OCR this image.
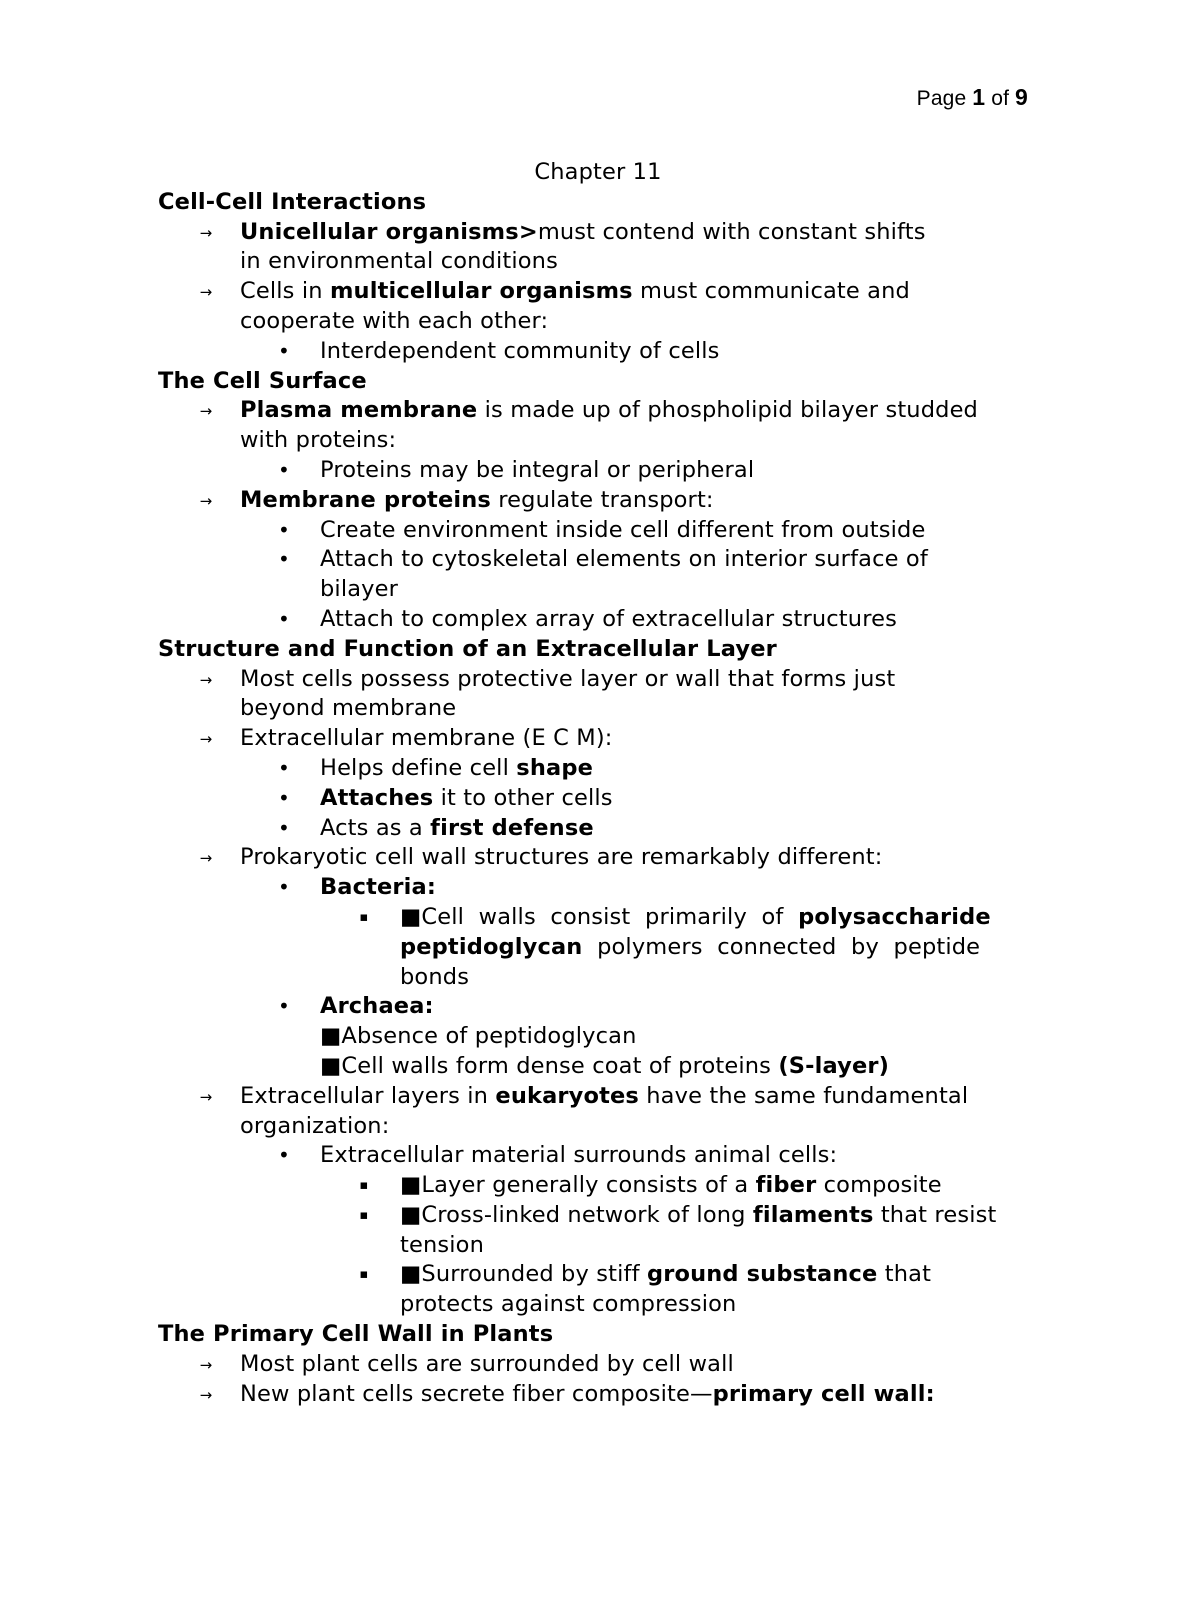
Page 1 of 9
Chapter 11
Cell-Cell Interactions
→ Unicellular organisms>must contend with constant shifts
in environmental conditions
→ Cells in multicellular organisms must communicate and
cooperate with each other:
• Interdependent community of cells
The Cell Surface
→ Plasma membrane is made up of phospholipid bilayer studded
with proteins:
• Proteins may be integral or peripheral
→ Membrane proteins regulate transport:
• Create environment inside cell different from outside
• Attach to cytoskeletal elements on interior surface of
bilayer
• Attach to complex array of extracellular structures
Structure and Function of an Extracellular Layer
→ Most cells possess protective layer or wall that forms just
beyond membrane
→ Extracellular membrane (E C M):
• Helps define cell shape
• Attaches it to other cells
• Acts as a first defense
→ Prokaryotic cell wall structures are remarkably different:
• Bacteria:
▪ ■Cell  walls  consist  primarily  of  polysaccharide
peptidoglycan  polymers  connected  by  peptide
bonds
• Archaea:
■Absence of peptidoglycan
■Cell walls form dense coat of proteins (S-layer)
→ Extracellular layers in eukaryotes have the same fundamental
organization:
• Extracellular material surrounds animal cells:
▪ ■Layer generally consists of a fiber composite
▪ ■Cross-linked network of long filaments that resist
tension
▪ ■Surrounded by stiff ground substance that
protects against compression
The Primary Cell Wall in Plants
→ Most plant cells are surrounded by cell wall
→ New plant cells secrete fiber composite—primary cell wall:
